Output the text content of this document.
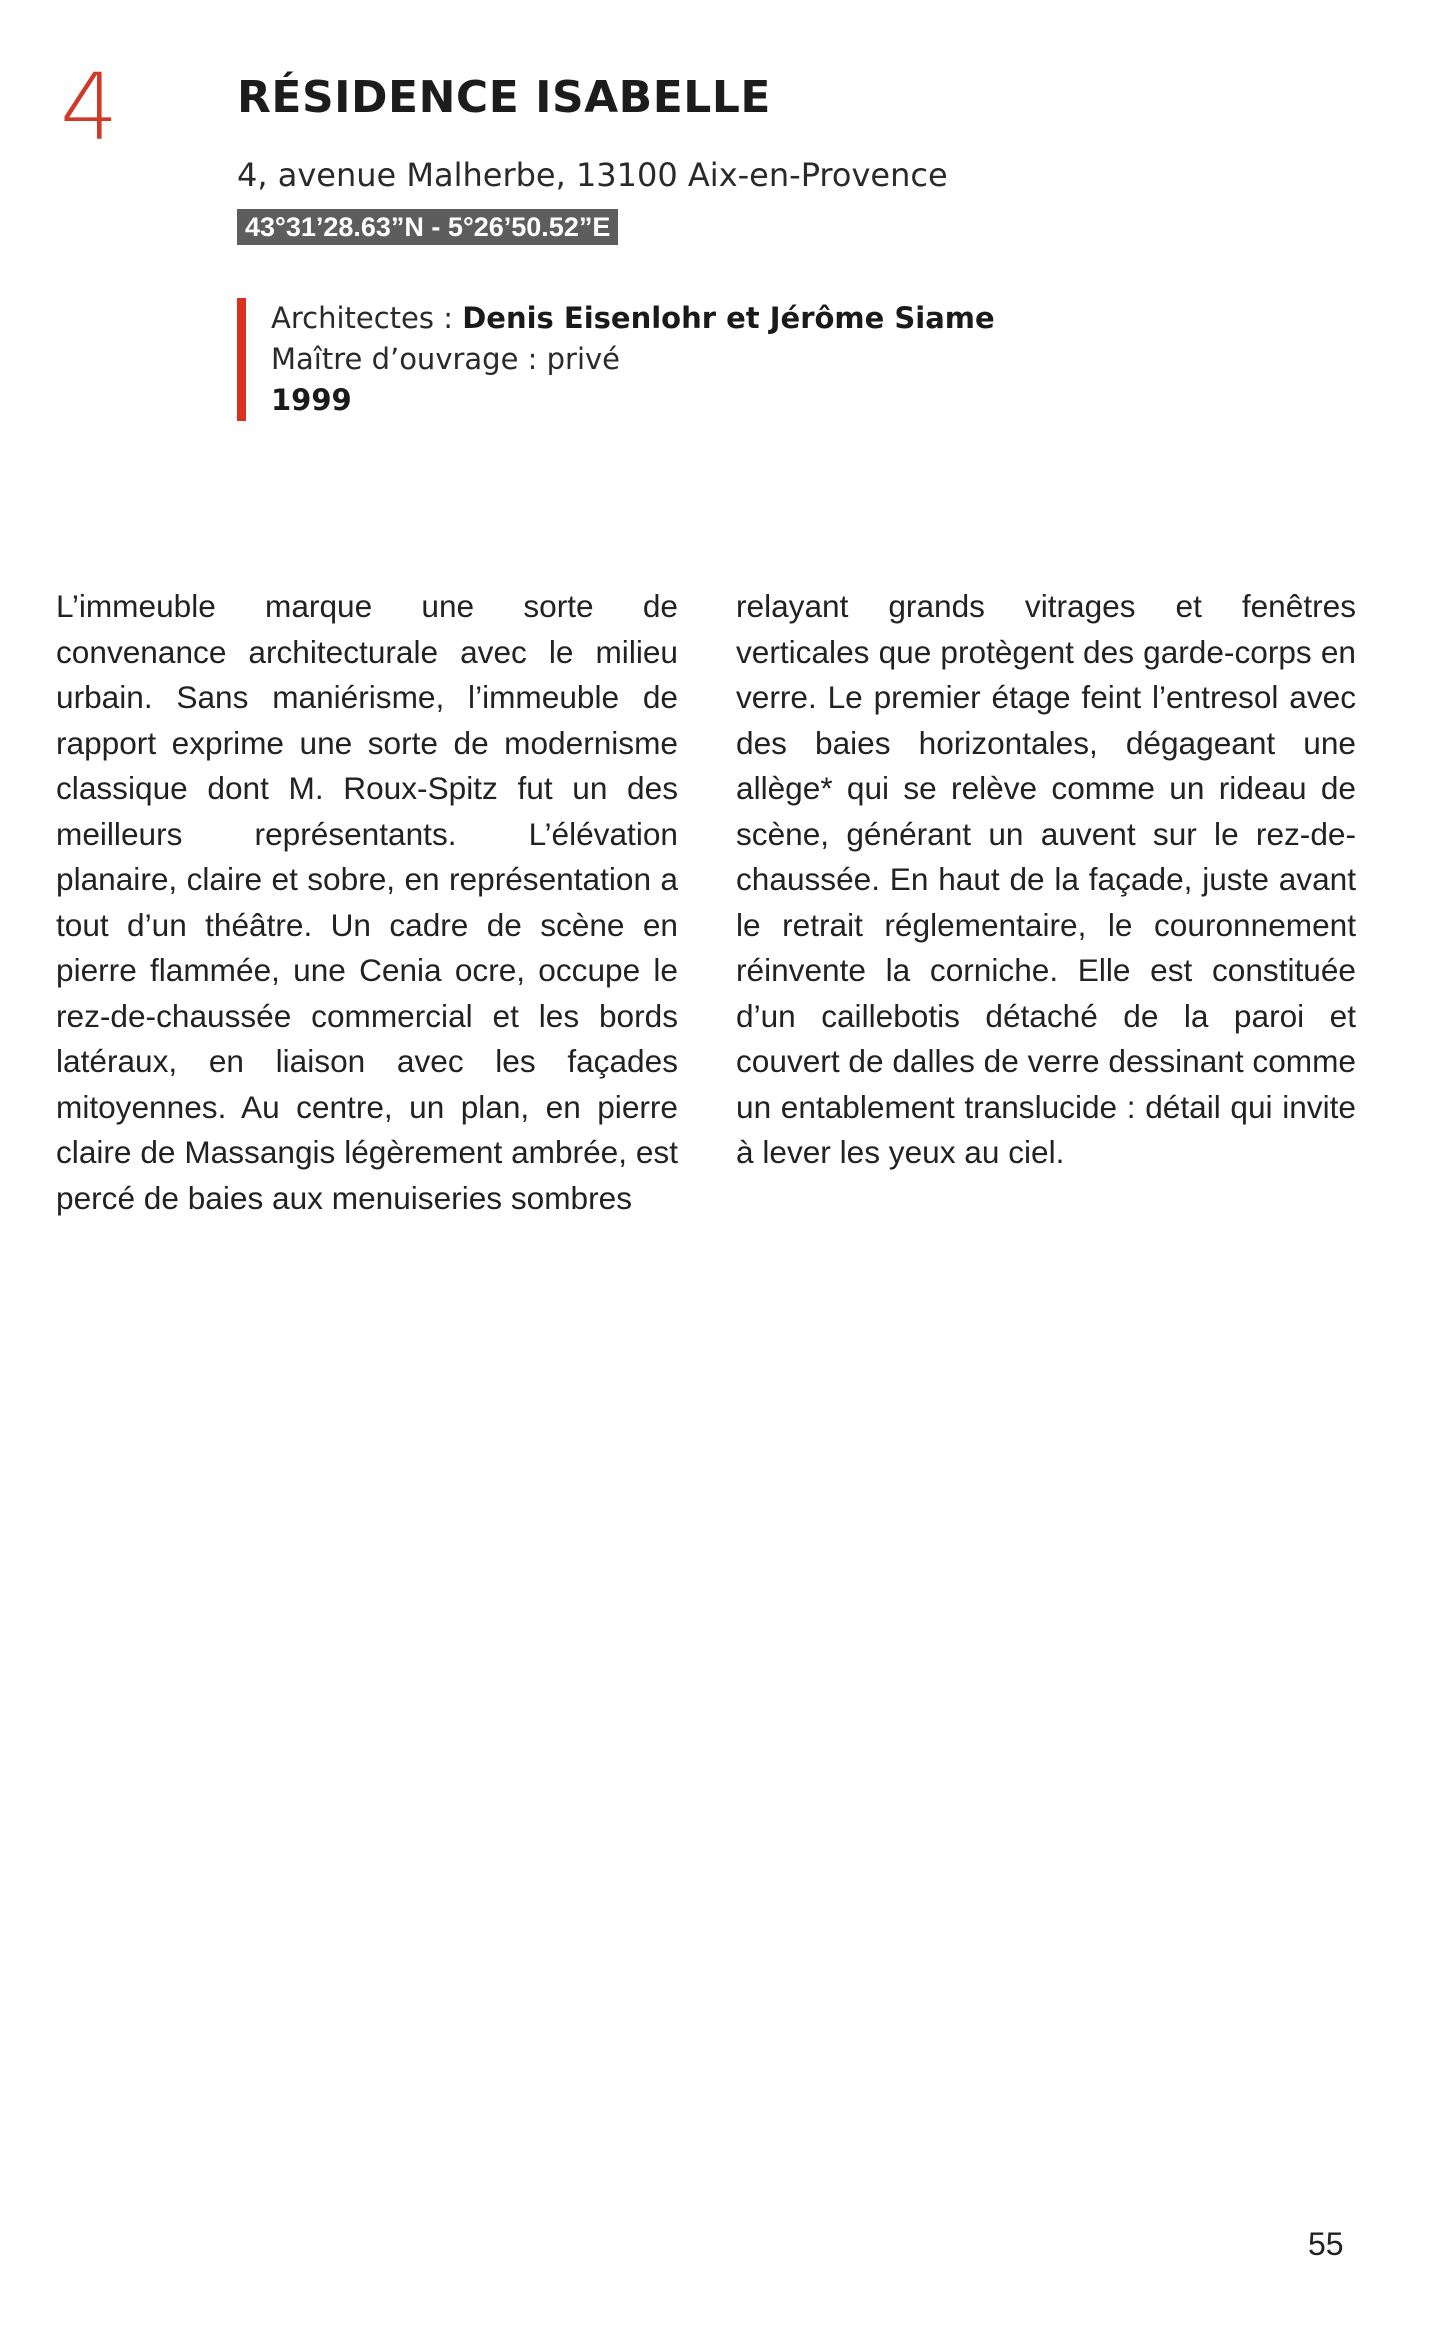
4	RÉSIDENCE ISABELLE
4, avenue Malherbe, 13100 Aix-en-Provence
43°31’28.63”N - 5°26’50.52”E
Architectes : Denis Eisenlohr et Jérôme Siame
Maître d’ouvrage : privé
1999
L’immeuble marque une sorte de convenance architecturale avec le milieu urbain. Sans maniérisme, l’immeuble de rapport exprime une sorte de modernisme classique dont M. Roux-Spitz fut un des meilleurs représentants. L’élévation planaire, claire et sobre, en représentation a tout d’un théâtre. Un cadre de scène en pierre flammée, une Cenia ocre, occupe le rez-de-chaussée commercial et les bords latéraux, en liaison avec les façades mitoyennes. Au centre, un plan, en pierre claire de Massangis légèrement ambrée, est percé de baies aux menuiseries sombres
relayant grands vitrages et fenêtres verticales que protègent des garde-corps en verre. Le premier étage feint l’entresol avec des baies horizontales, dégageant une allège* qui se relève comme un rideau de scène, générant un auvent sur le rez-de-chaussée. En haut de la façade, juste avant le retrait réglementaire, le couronnement réinvente la corniche. Elle est constituée d’un caillebotis détaché de la paroi et couvert de dalles de verre dessinant comme un entablement translucide : détail qui invite à lever les yeux au ciel.
55
